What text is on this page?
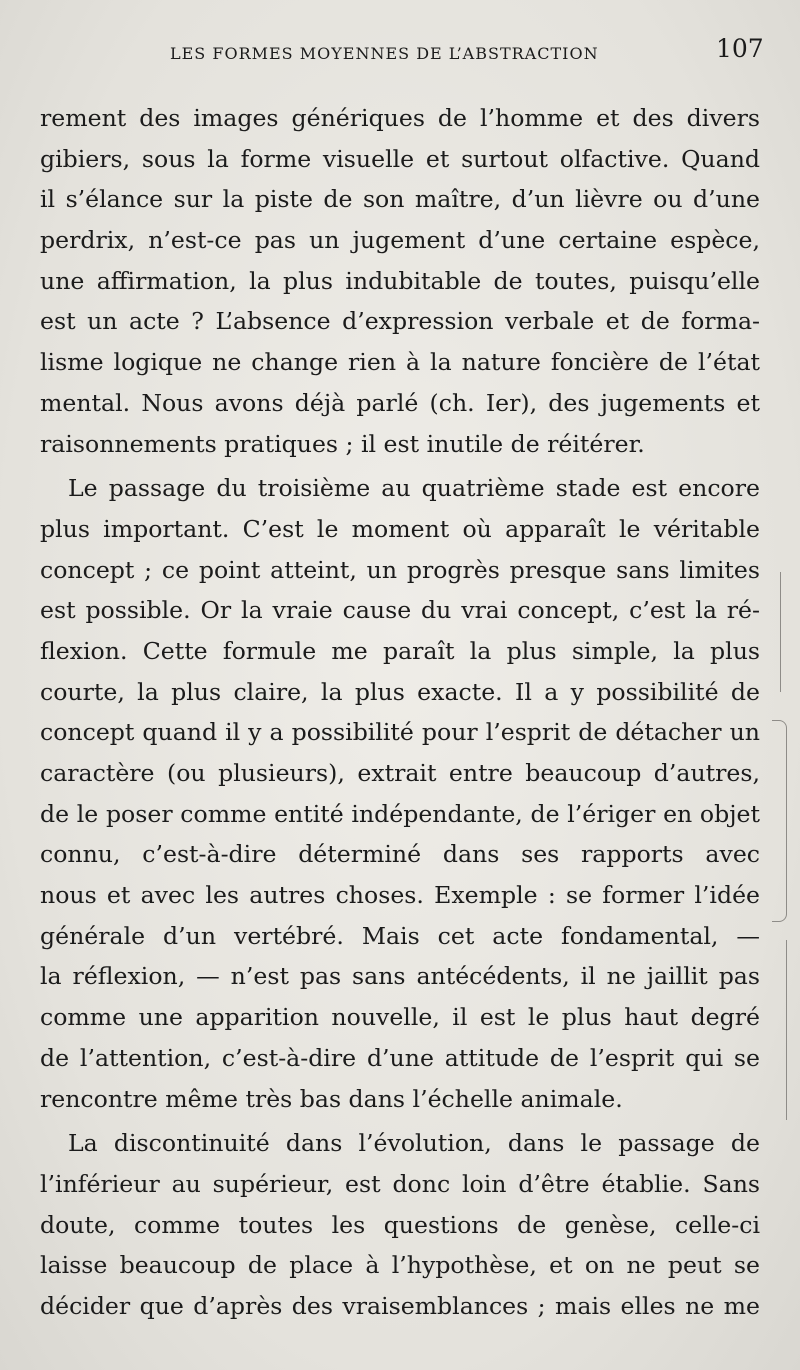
LES FORMES MOYENNES DE L’ABSTRACTION	107
rement des images génériques de l’homme et des divers
gibiers, sous la forme visuelle et surtout olfactive. Quand
il s’élance sur la piste de son maître, d’un lièvre ou d’une
perdrix, n’est-ce pas un jugement d’une certaine espèce,
une affirmation, la plus indubitable de toutes, puisqu’elle
est un acte ? L’absence d’expression verbale et de forma-
lisme logique ne change rien à la nature foncière de l’état
mental. Nous avons déjà parlé (ch. Ier), des jugements et
raisonnements pratiques ; il est inutile de réitérer.
Le passage du troisième au quatrième stade est encore
plus important. C’est le moment où apparaît le véritable
concept ; ce point atteint, un progrès presque sans limites
est possible. Or la vraie cause du vrai concept, c’est la ré-
flexion. Cette formule me paraît la plus simple, la plus
courte, la plus claire, la plus exacte. Il a y possibilité de
concept quand il y a possibilité pour l’esprit de détacher un
caractère (ou plusieurs), extrait entre beaucoup d’autres,
de le poser comme entité indépendante, de l’ériger en objet
connu, c’est-à-dire déterminé dans ses rapports avec
nous et avec les autres choses. Exemple : se former l’idée
générale d’un vertébré. Mais cet acte fondamental, —
la réflexion, — n’est pas sans antécédents, il ne jaillit pas
comme une apparition nouvelle, il est le plus haut degré
de l’attention, c’est-à-dire d’une attitude de l’esprit qui se
rencontre même très bas dans l’échelle animale.
La discontinuité dans l’évolution, dans le passage de
l’inférieur au supérieur, est donc loin d’être établie. Sans
doute, comme toutes les questions de genèse, celle-ci
laisse beaucoup de place à l’hypothèse, et on ne peut se
décider que d’après des vraisemblances ; mais elles ne me
